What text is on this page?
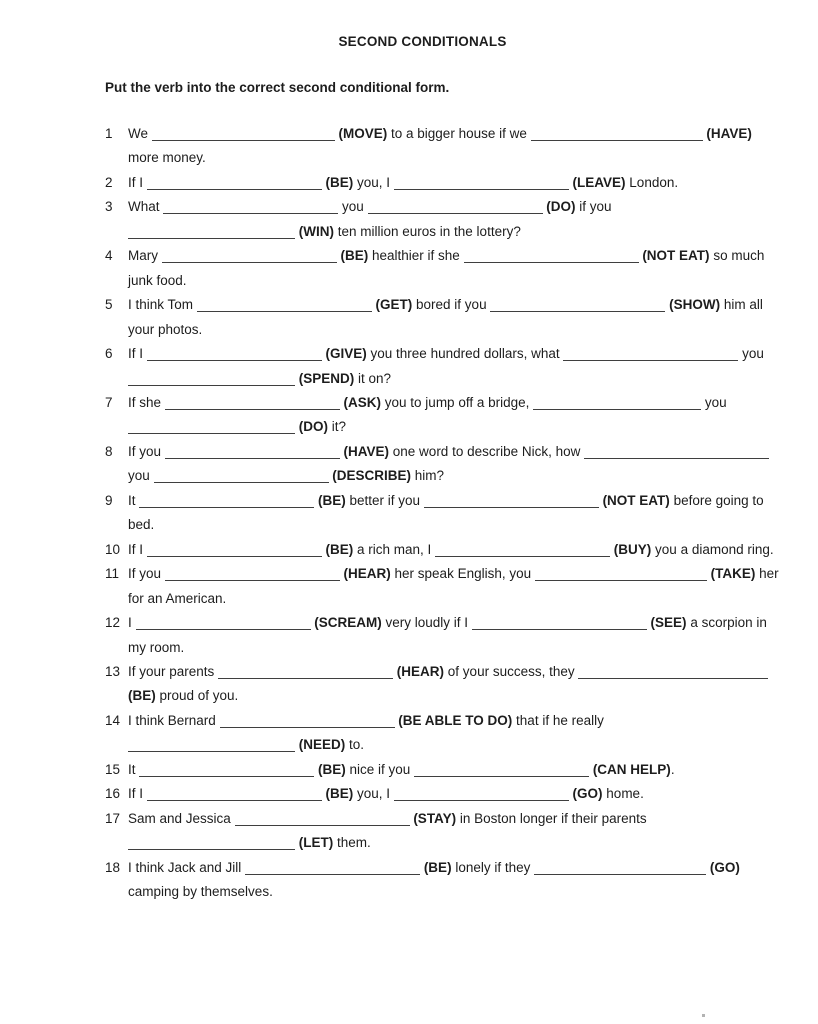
SECOND CONDITIONALS
Put the verb into the correct second conditional form.
1	We	(MOVE) to a bigger house if we	(HAVE)
more money.
2	If I	(BE) you, I	(LEAVE) London.
3	What	you	(DO) if you
(WIN) ten million euros in the lottery?
4	Mary	(BE) healthier if she	(NOT EAT) so much
junk food.
5	I think Tom	(GET) bored if you	(SHOW) him all
your photos.
6	If I	(GIVE) you three hundred dollars, what	you
(SPEND) it on?
7	If she	(ASK) you to jump off a bridge,	you
(DO) it?
8	If you	(HAVE) one word to describe Nick, how
you	(DESCRIBE) him?
9	It	(BE) better if you	(NOT EAT) before going to
bed.
10 If I	(BE) a rich man, I	(BUY) you a diamond ring.
11 If you	(HEAR) her speak English, you	(TAKE) her
for an American.
12 I	(SCREAM) very loudly if I	(SEE) a scorpion in
my room.
13 If your parents	(HEAR) of your success, they
(BE) proud of you.
14 I think Bernard	(BE ABLE TO DO) that if he really
(NEED) to.
15 It	(BE) nice if you	(CAN HELP).
16 If I	(BE) you, I	(GO) home.
17 Sam and Jessica	(STAY) in Boston longer if their parents
(LET) them.
18 I think Jack and Jill	(BE) lonely if they	(GO)
camping by themselves.
